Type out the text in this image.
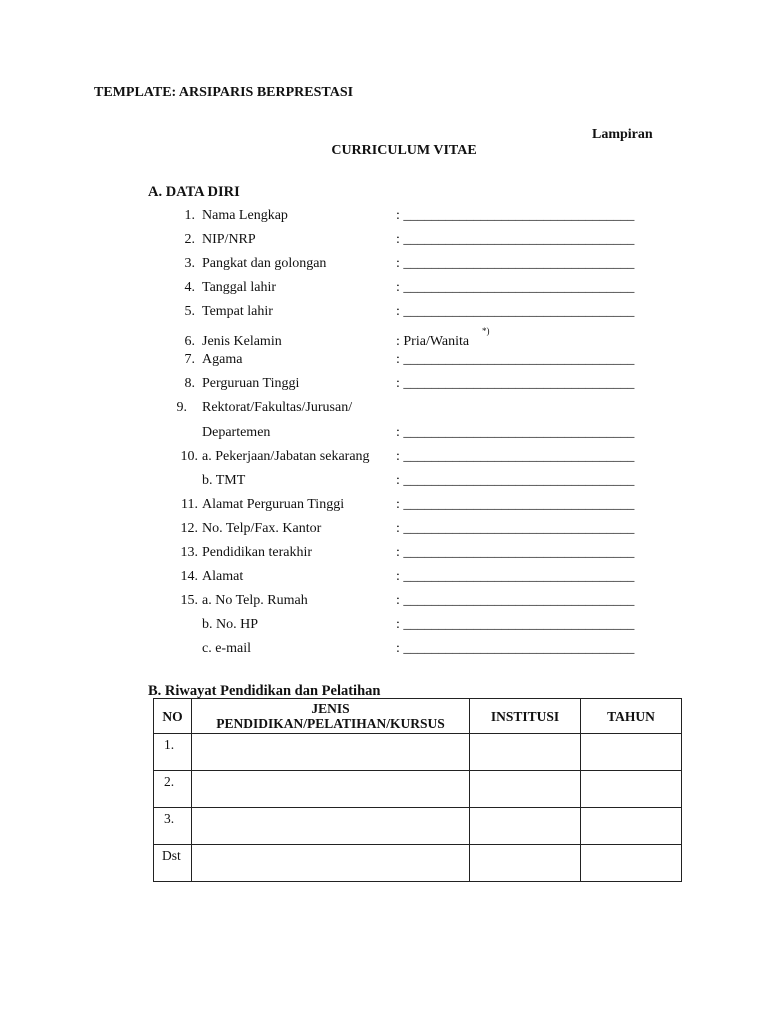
TEMPLATE: ARSIPARIS BERPRESTASI
Lampiran
CURRICULUM VITAE
A. DATA DIRI
1. Nama Lengkap	: _________________________________
2. NIP/NRP	: _________________________________
3. Pangkat dan golongan	: _________________________________
4. Tanggal lahir	: _________________________________
5. Tempat lahir	: _________________________________
6. Jenis Kelamin	: Pria/Wanita
*)
7. Agama	: _________________________________
8. Perguruan Tinggi	: _________________________________
9. Rektorat/Fakultas/Jurusan/
Departemen	: _________________________________
10. a. Pekerjaan/Jabatan sekarang : _________________________________
b. TMT	: _________________________________
11. Alamat Perguruan Tinggi	: _________________________________
12. No. Telp/Fax. Kantor	: _________________________________
13. Pendidikan terakhir	: _________________________________
14. Alamat	: _________________________________
15. a. No Telp. Rumah	: _________________________________
b. No. HP	: _________________________________
c. e-mail	: _________________________________
B. Riwayat Pendidikan dan Pelatihan
NO	JENIS
PENDIDIKAN/PELATIHAN/KURSUS	INSTITUSI	TAHUN
1.			
2.			
3.			
Dst			
